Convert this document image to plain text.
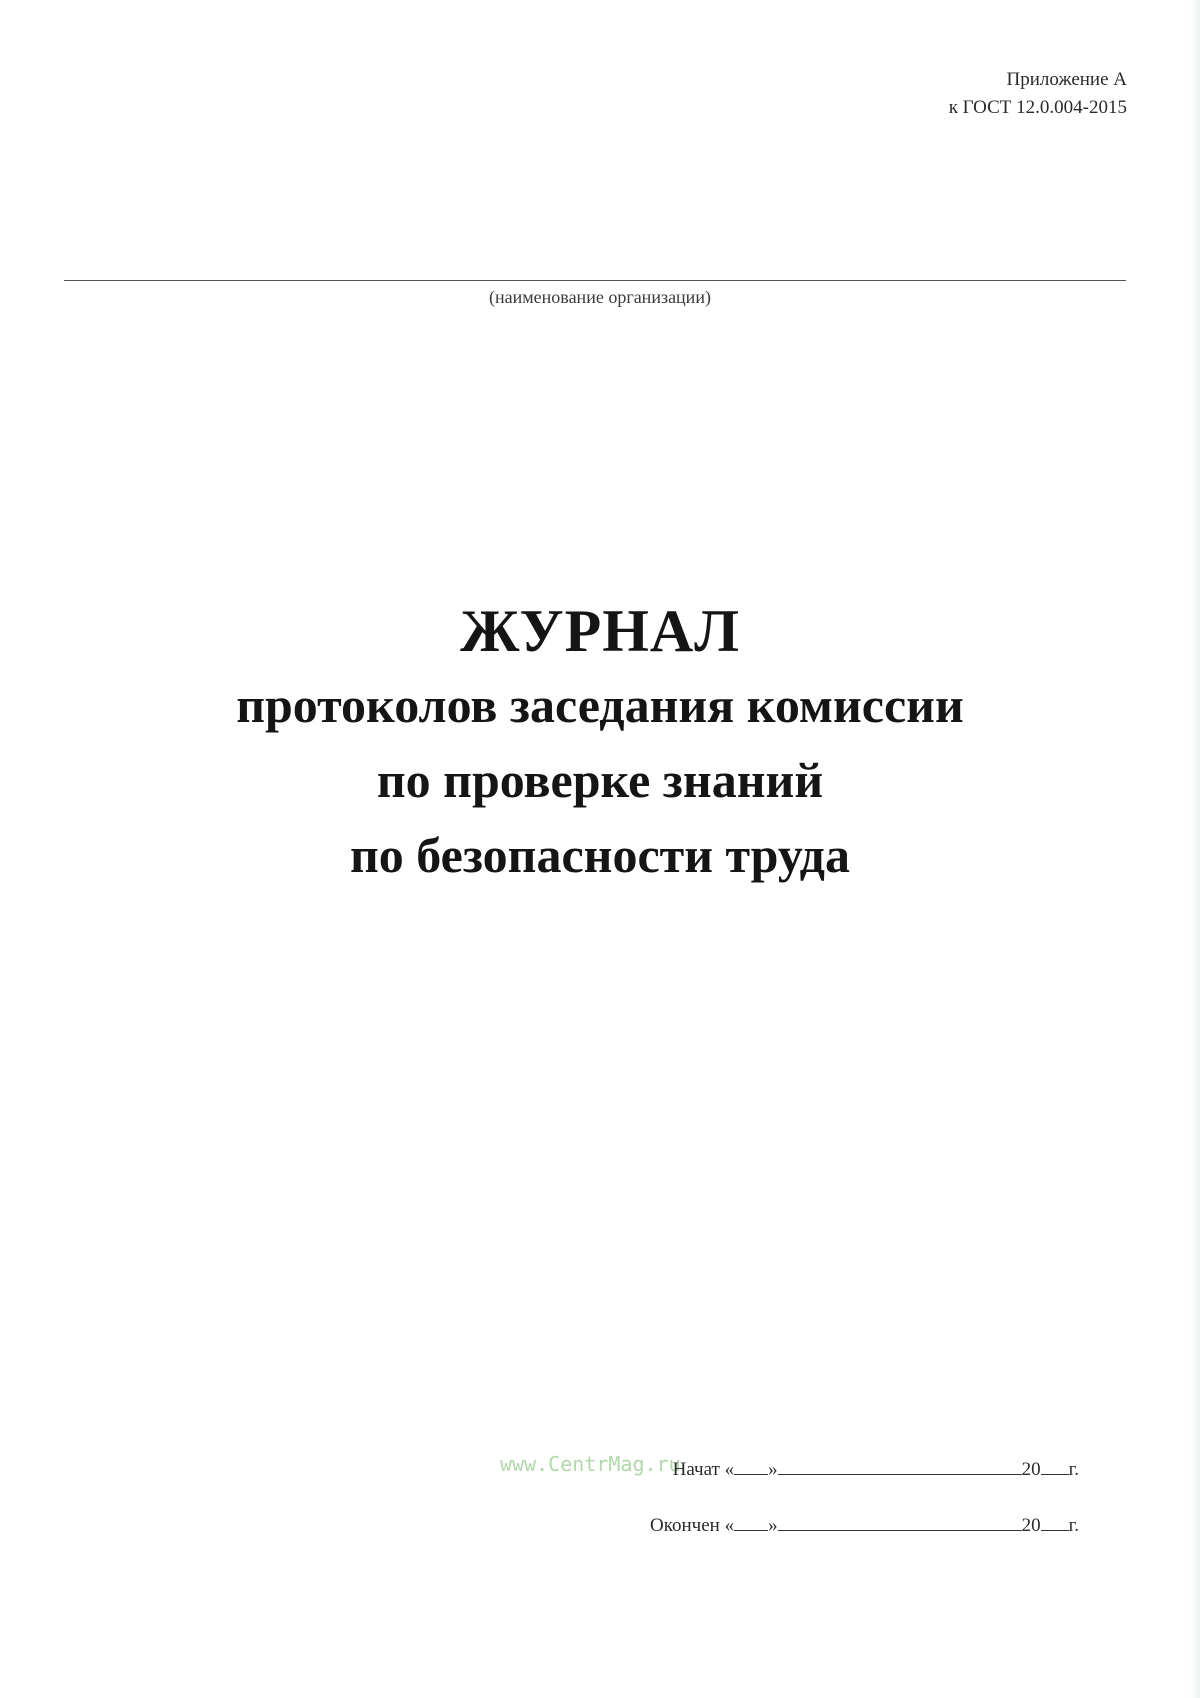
Приложение А
к ГОСТ 12.0.004-2015
(наименование организации)
ЖУРНАЛ
протоколов заседания комиссии
по проверке знаний
по безопасности труда
www.CentrMag.ru
Начат
« »	20 г.
Окончен
« »	20 г.
